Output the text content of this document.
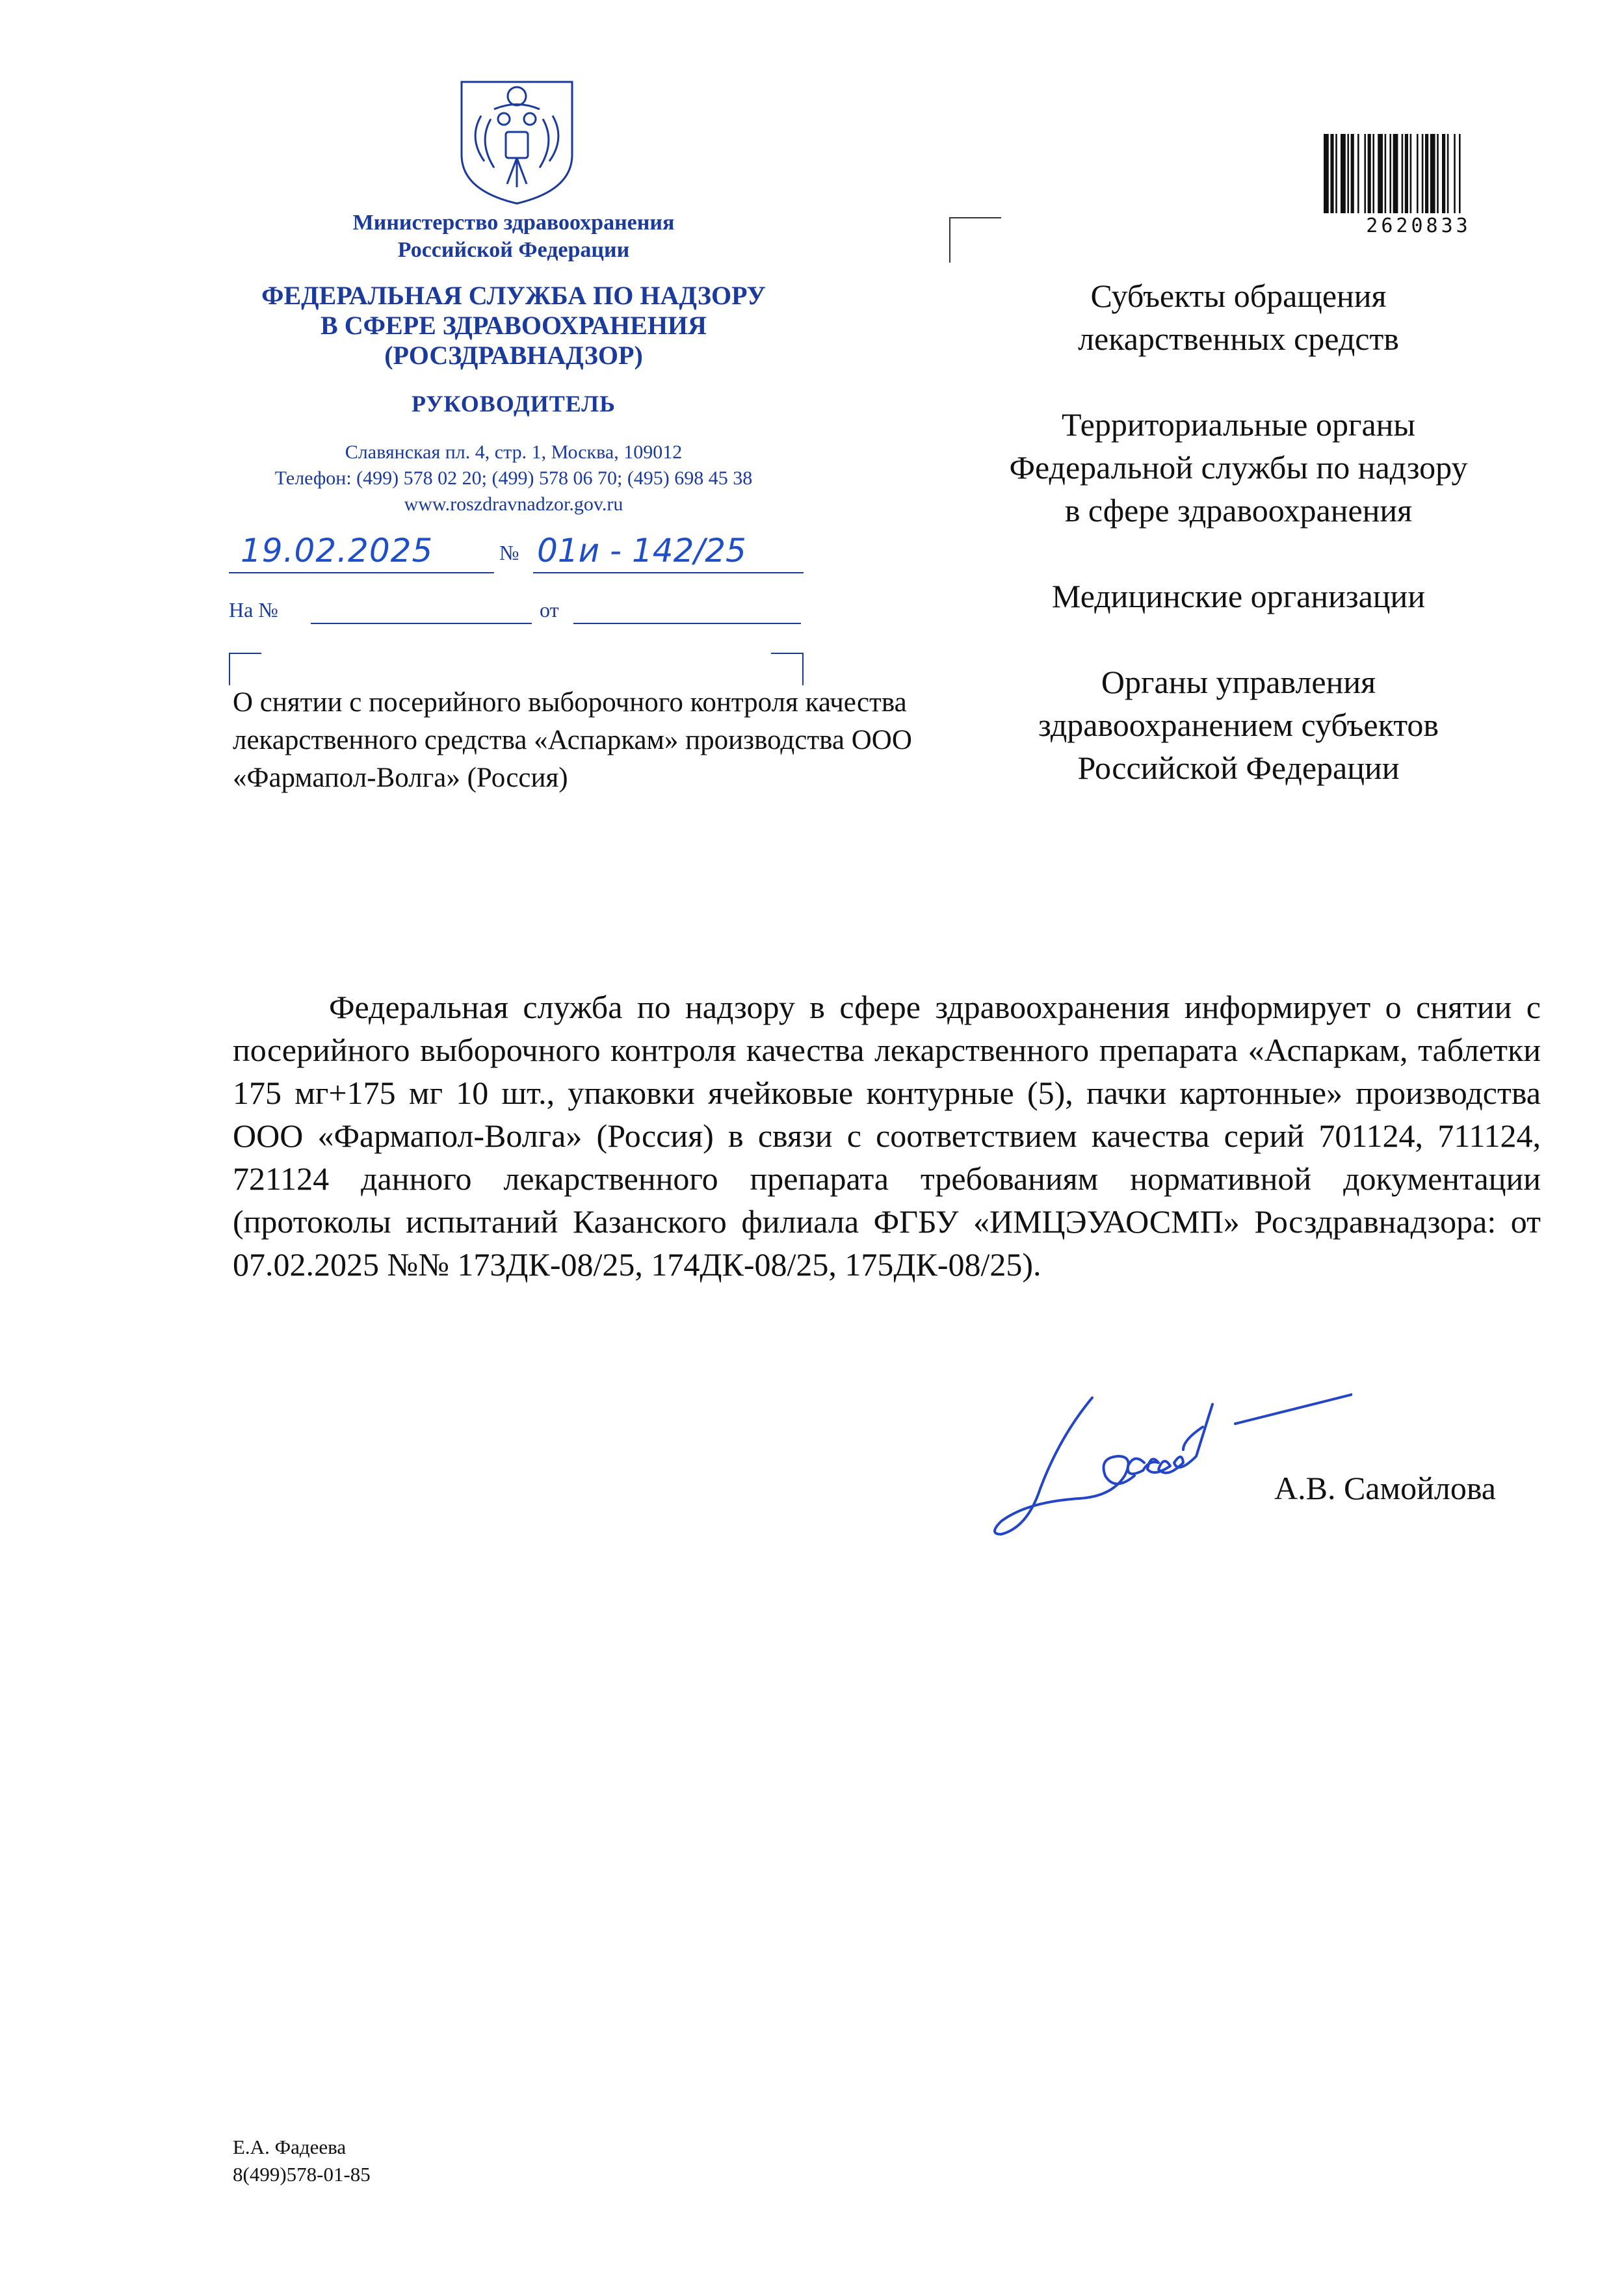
Министерство здравоохранения
Российской Федерации
ФЕДЕРАЛЬНАЯ СЛУЖБА ПО НАДЗОРУ
В СФЕРЕ ЗДРАВООХРАНЕНИЯ
(РОСЗДРАВНАДЗОР)
РУКОВОДИТЕЛЬ
Славянская пл. 4, стр. 1, Москва, 109012
Телефон: (499) 578 02 20; (499) 578 06 70; (495) 698 45 38
www.roszdravnadzor.gov.ru
19.02.2025	№ 01и - 142/25
На №	от
О снятии с посерийного выборочного контроля качества лекарственного средства «Аспаркам» производства ООО «Фармапол-Волга» (Россия)
2620833
Субъекты обращения
лекарственных средств
Территориальные органы
Федеральной службы по надзору
в сфере здравоохранения
Медицинские организации
Органы управления
здравоохранением субъектов
Российской Федерации
Федеральная служба по надзору в сфере здравоохранения информирует о снятии с посерийного выборочного контроля качества лекарственного препарата «Аспаркам, таблетки 175 мг+175 мг 10 шт., упаковки ячейковые контурные (5), пачки картонные» производства ООО «Фармапол-Волга» (Россия) в связи с соответствием качества серий 701124, 711124, 721124 данного лекарственного препарата требованиям нормативной документации (протоколы испытаний Казанского филиала ФГБУ «ИМЦЭУАОСМП» Росздравнадзора: от 07.02.2025 №№ 173ДК-08/25, 174ДК-08/25, 175ДК-08/25).
А.В. Самойлова
Е.А. Фадеева
8(499)578-01-85
